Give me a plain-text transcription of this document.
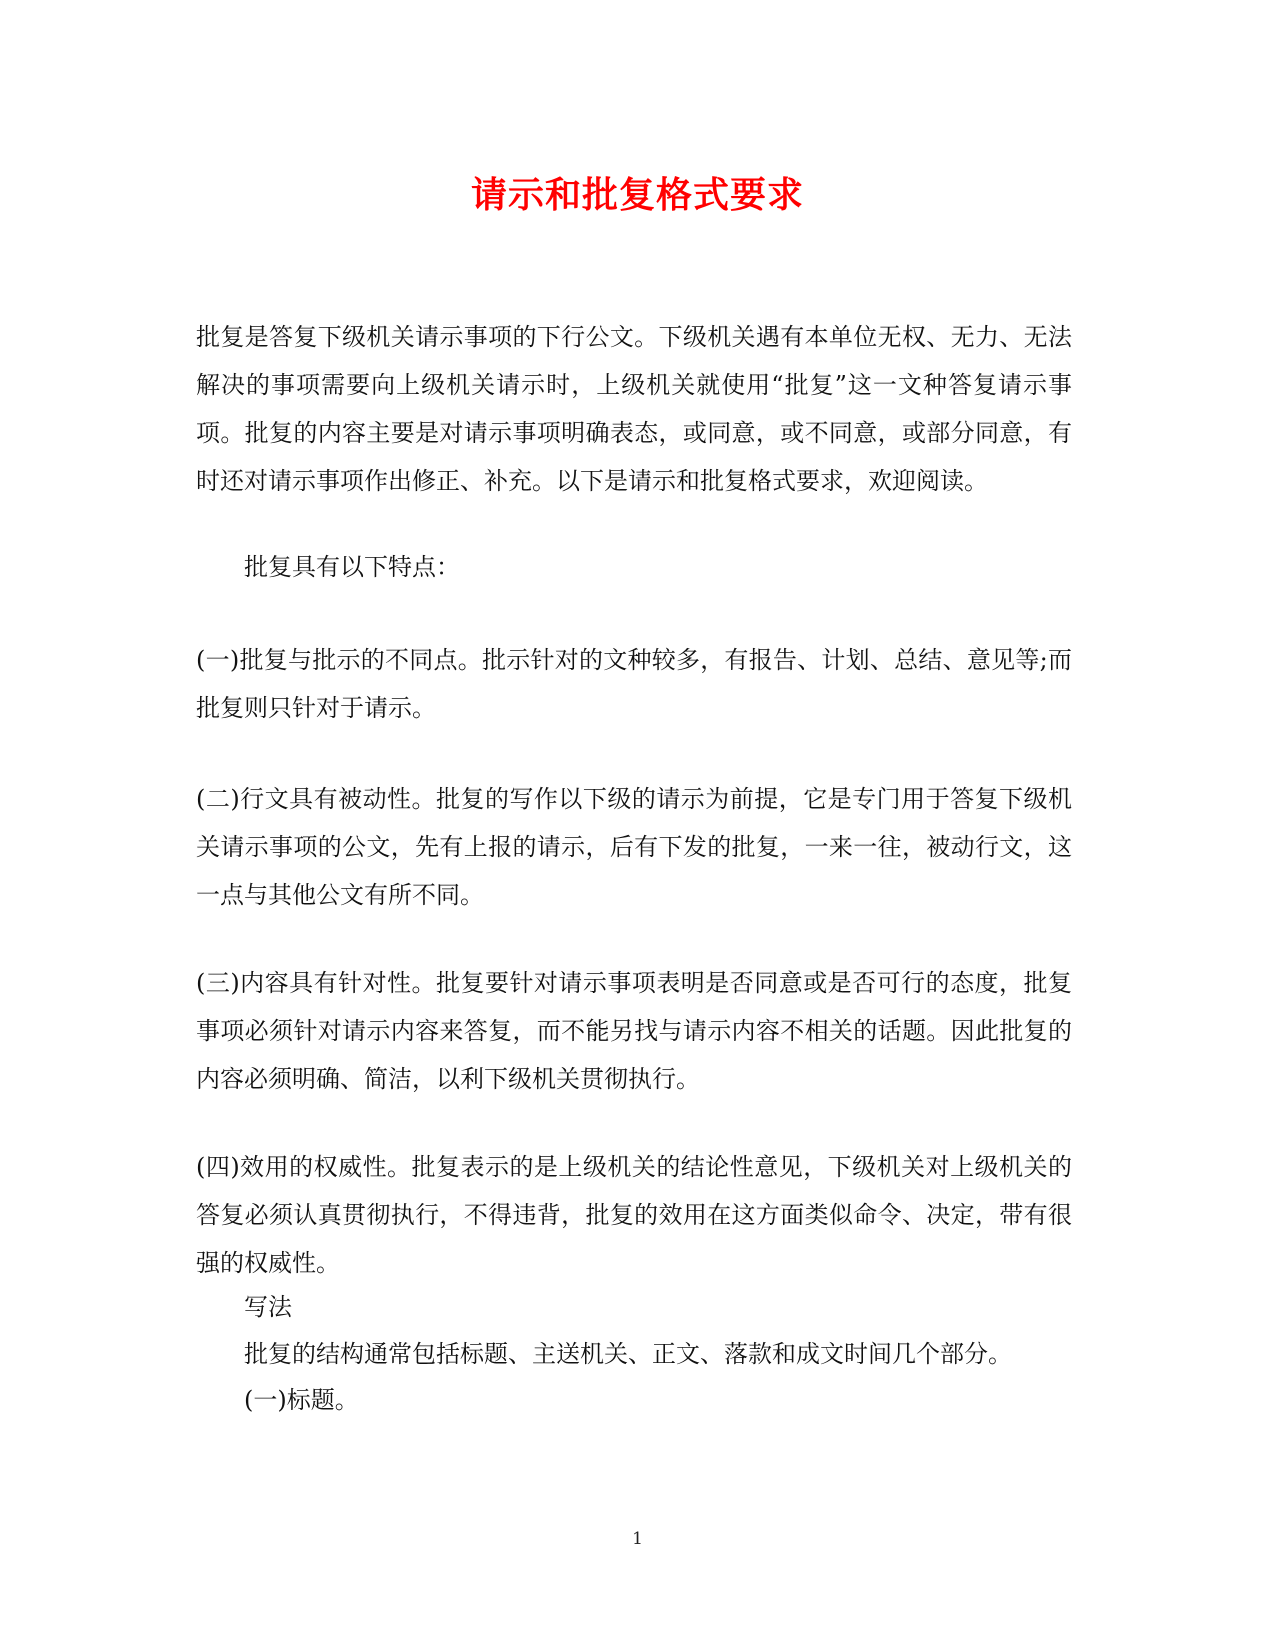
请示和批复格式要求
批复是答复下级机关请示事项的下行公文。下级机关遇有本单位无权、无力、无法解决的事项需要向上级机关请示时，上级机关就使用“批复”这一文种答复请示事项。批复的内容主要是对请示事项明确表态，或同意，或不同意，或部分同意，有时还对请示事项作出修正、补充。以下是请示和批复格式要求，欢迎阅读。
批复具有以下特点：
(一)批复与批示的不同点。批示针对的文种较多，有报告、计划、总结、意见等;而批复则只针对于请示。
(二)行文具有被动性。批复的写作以下级的请示为前提，它是专门用于答复下级机关请示事项的公文，先有上报的请示，后有下发的批复，一来一往，被动行文，这一点与其他公文有所不同。
(三)内容具有针对性。批复要针对请示事项表明是否同意或是否可行的态度，批复事项必须针对请示内容来答复，而不能另找与请示内容不相关的话题。因此批复的内容必须明确、简洁，以利下级机关贯彻执行。
(四)效用的权威性。批复表示的是上级机关的结论性意见，下级机关对上级机关的答复必须认真贯彻执行，不得违背，批复的效用在这方面类似命令、决定，带有很强的权威性。
写法
批复的结构通常包括标题、主送机关、正文、落款和成文时间几个部分。
(一)标题。
1
